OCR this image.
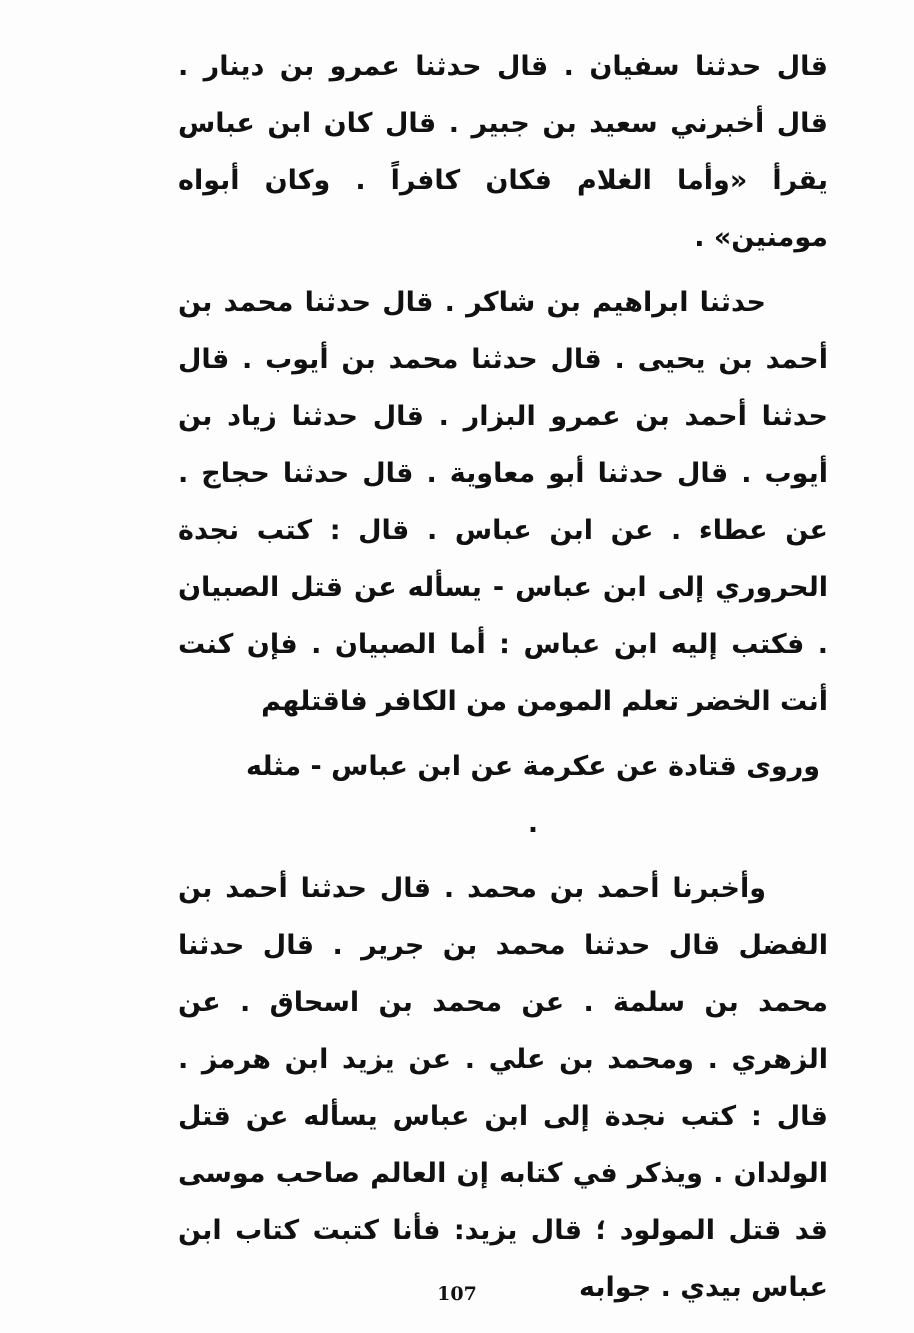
قال حدثنا سفيان . قال حدثنا عمرو بن دينار . قال أخبرني سعيد بن جبير . قال كان ابن عباس يقرأ «وأما الغلام فكان كافراً . وكان أبواه مومنين» .

حدثنا ابراهيم بن شاكر . قال حدثنا محمد بن أحمد بن يحيى . قال حدثنا محمد بن أيوب . قال حدثنا أحمد بن عمرو البزار . قال حدثنا زياد بن أيوب . قال حدثنا أبو معاوية . قال حدثنا حجاج . عن عطاء . عن ابن عباس . قال : كتب نجدة الحروري إلى ابن عباس - يسأله عن قتل الصبيان . فكتب إليه ابن عباس : أما الصبيان . فإن كنت أنت الخضر تعلم المومن من الكافر فاقتلهم

وروى قتادة عن عكرمة عن ابن عباس - مثله .

وأخبرنا أحمد بن محمد . قال حدثنا أحمد بن الفضل قال حدثنا محمد بن جرير . قال حدثنا محمد بن سلمة . عن محمد بن اسحاق . عن الزهري . ومحمد بن علي . عن يزيد ابن هرمز . قال : كتب نجدة إلى ابن عباس يسأله عن قتل الولدان . ويذكر في كتابه إن العالم صاحب موسى قد قتل المولود ؛ قال يزيد: فأنا كتبت كتاب ابن عباس بيدي . جوابه

107
